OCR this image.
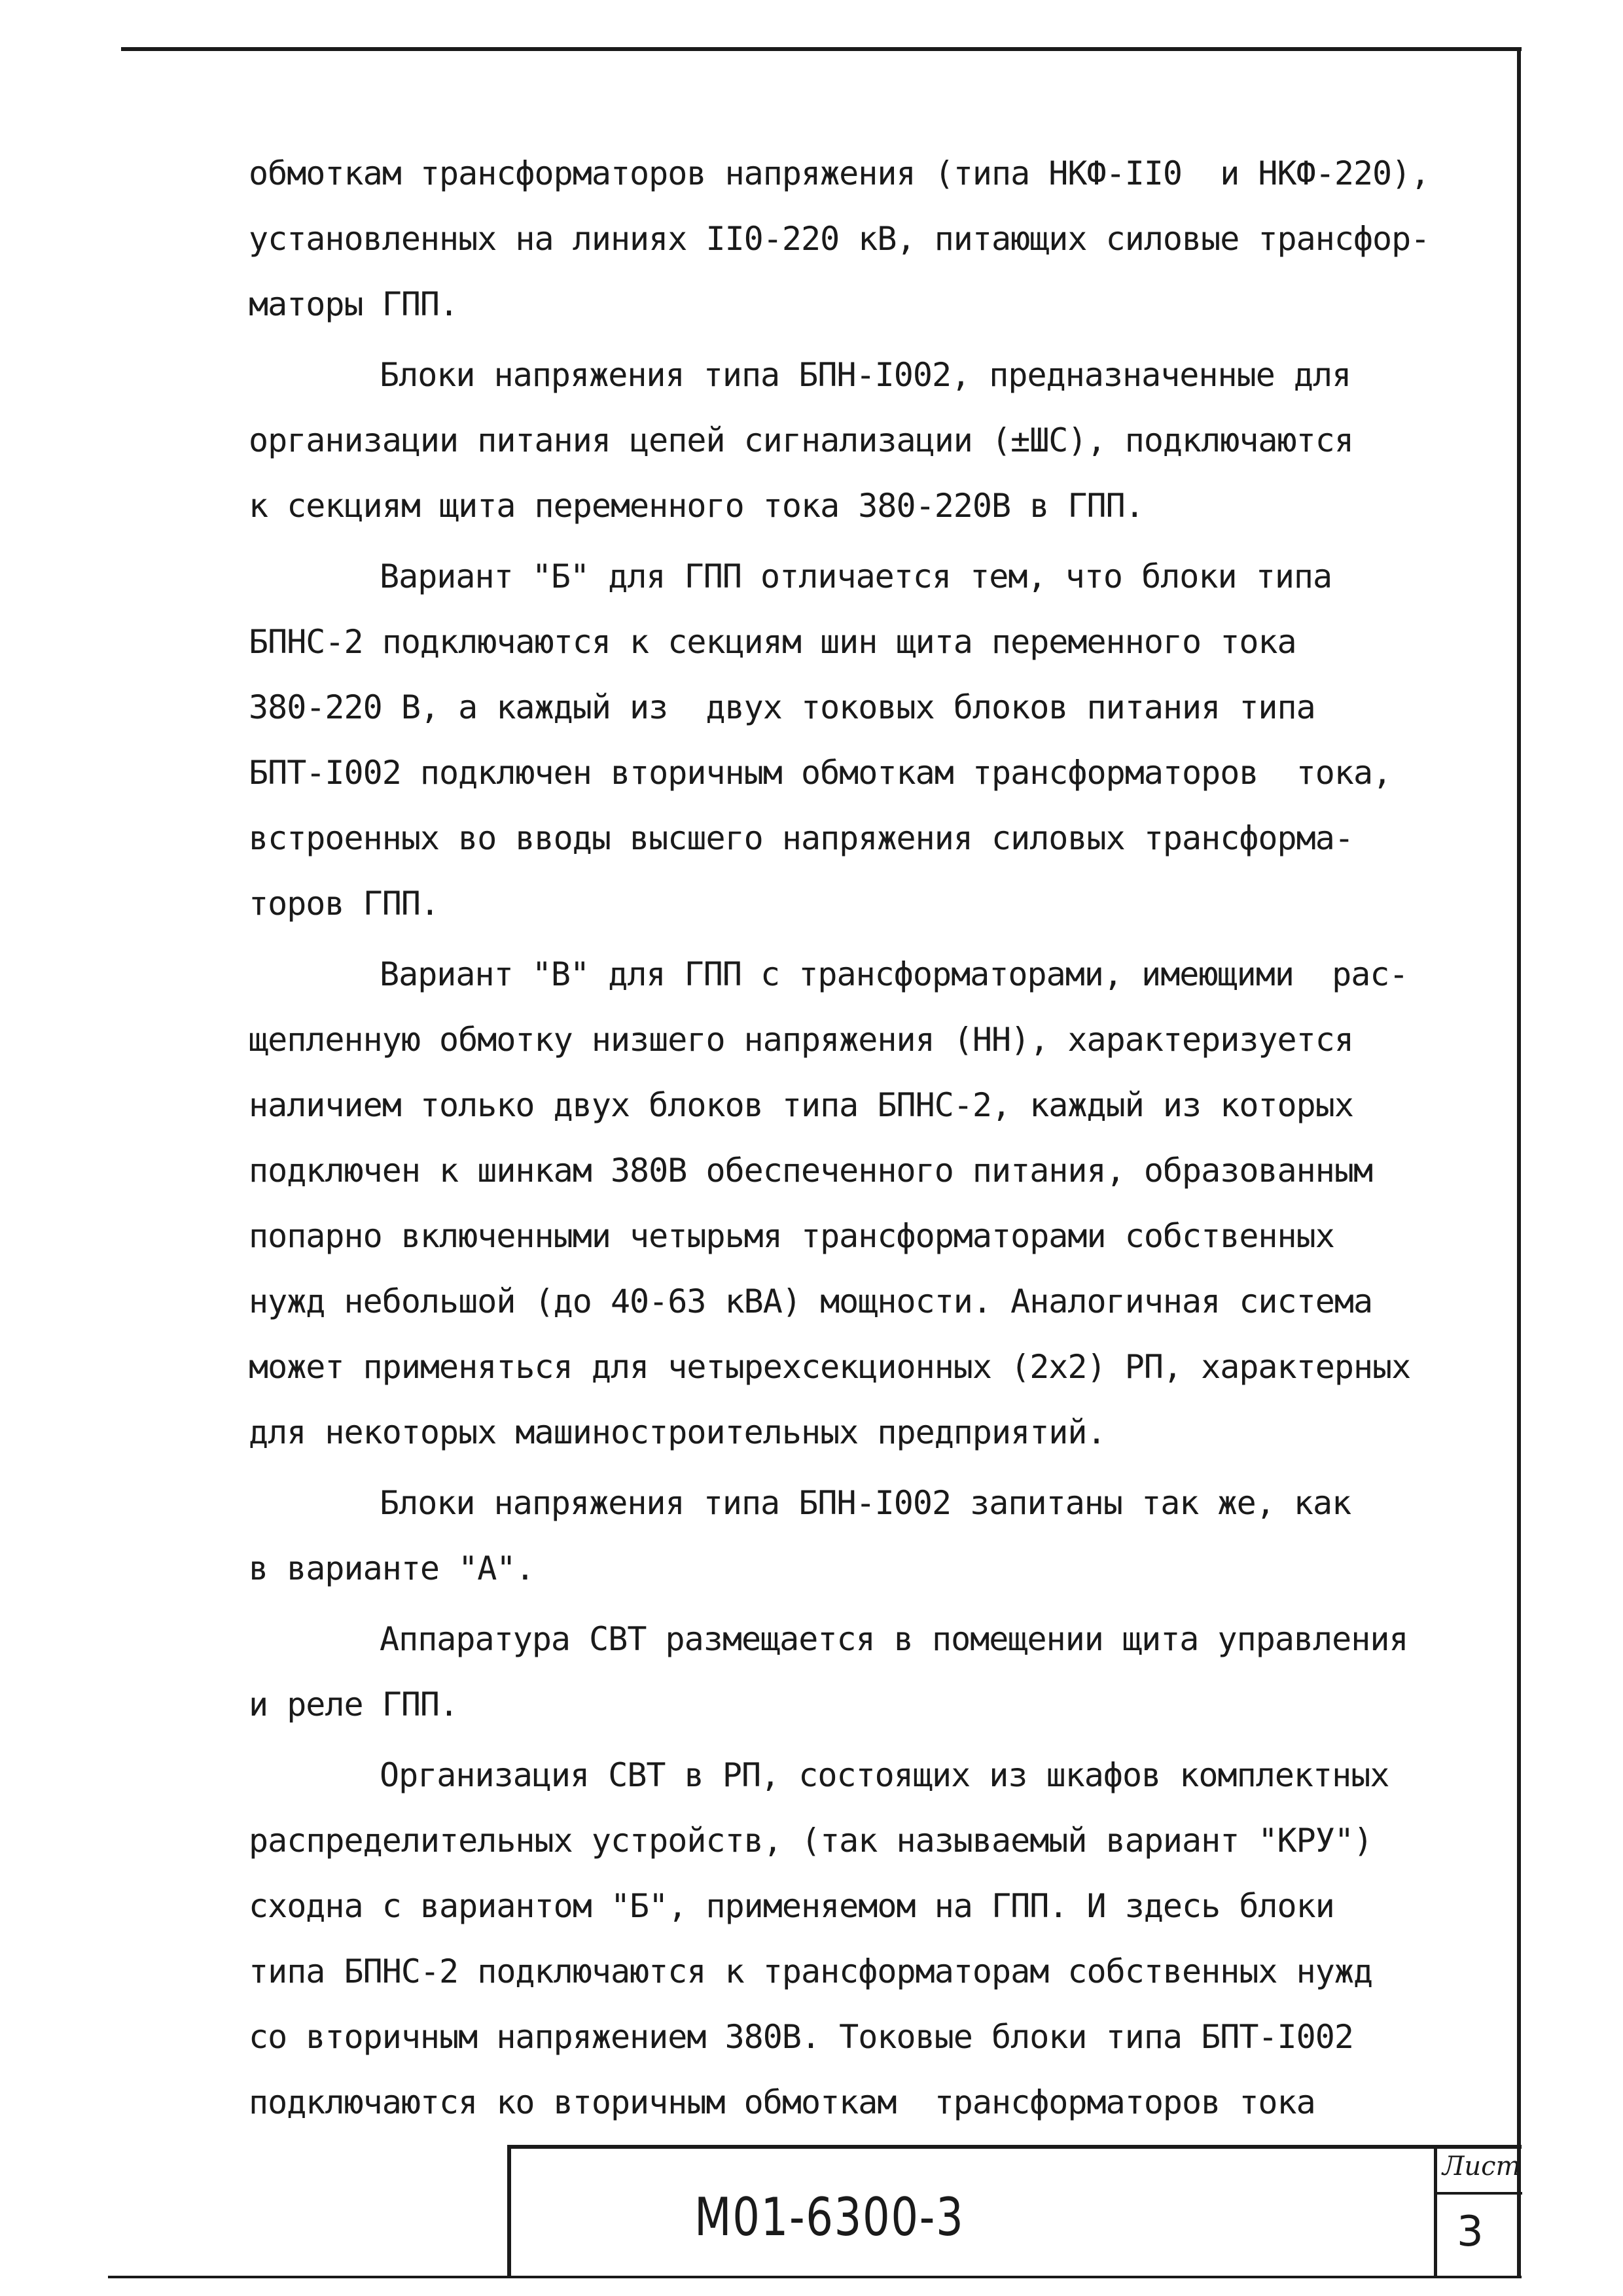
обмоткам трансформаторов напряжения (типа НКФ-II0  и НКФ-220),
установленных на линиях II0-220 кВ, питающих силовые трансфор-
маторы ГПП.
Блоки напряжения типа БПН-I002, предназначенные для
организации питания цепей сигнализации (±ШС), подключаются
к секциям щита переменного тока 380-220В в ГПП.
Вариант "Б" для ГПП отличается тем, что блоки типа
БПНС-2 подключаются к секциям шин щита переменного тока
380-220 В, а каждый из  двух токовых блоков питания типа
БПТ-I002 подключен вторичным обмоткам трансформаторов  тока,
встроенных во вводы высшего напряжения силовых трансформа-
торов ГПП.
Вариант "В" для ГПП с трансформаторами, имеющими  рас-
щепленную обмотку низшего напряжения (НН), характеризуется
наличием только двух блоков типа БПНС-2, каждый из которых
подключен к шинкам 380В обеспеченного питания, образованным
попарно включенными четырьмя трансформаторами собственных
нужд небольшой (до 40-63 кВА) мощности. Аналогичная система
может применяться для четырехсекционных (2х2) РП, характерных
для некоторых машиностроительных предприятий.
Блоки напряжения типа БПН-I002 запитаны так же, как
в варианте "А".
Аппаратура СВТ размещается в помещении щита управления
и реле ГПП.
Организация СВТ в РП, состоящих из шкафов комплектных
распределительных устройств, (так называемый вариант "КРУ")
сходна с вариантом "Б", применяемом на ГПП. И здесь блоки
типа БПНС-2 подключаются к трансформаторам собственных нужд
со вторичным напряжением 380В. Токовые блоки типа БПТ-I002
подключаются ко вторичным обмоткам  трансформаторов тока
М01-6300-3
Лист
3
